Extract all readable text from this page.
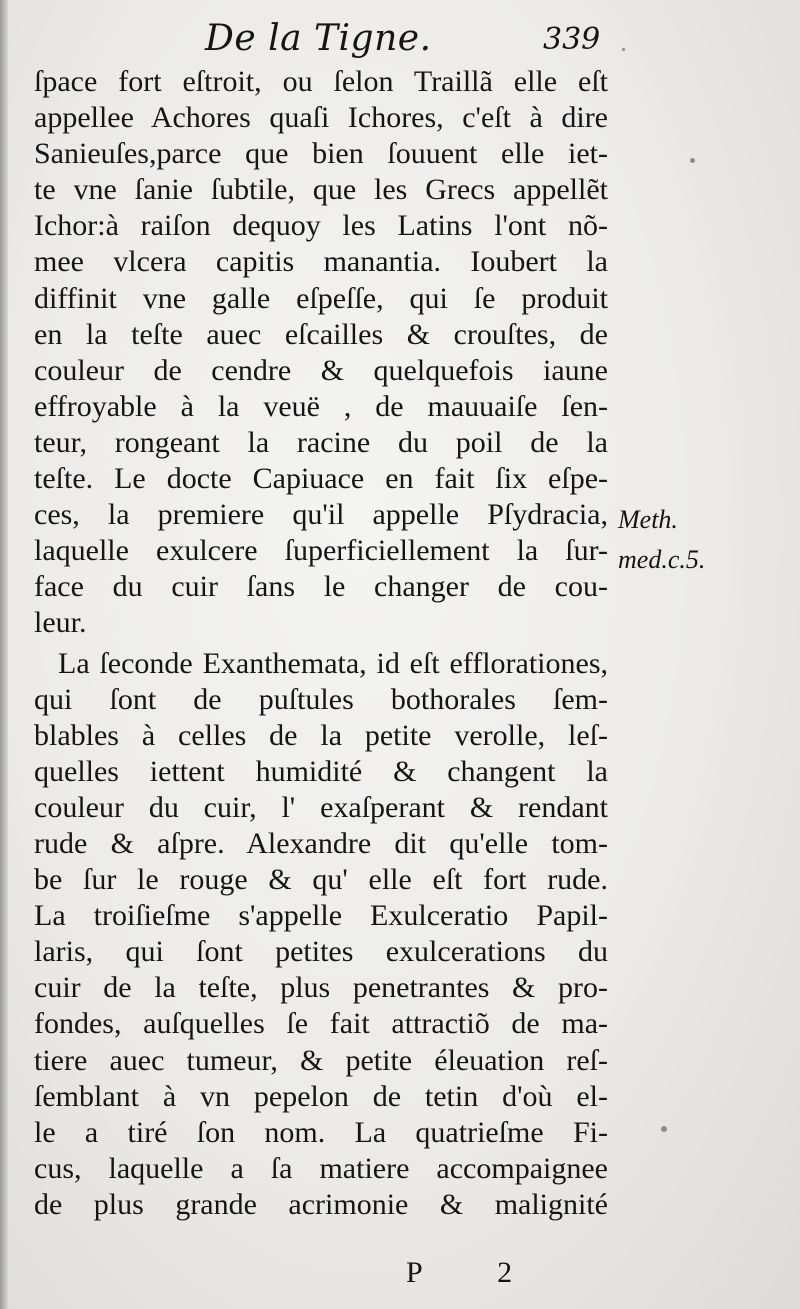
De la Tigne.	339
ſpace fort eſtroit, ou ſelon Traillã elle eſt
appellee Achores quaſi Ichores, c'eſt à dire
Sanieuſes,parce que bien ſouuent elle iet-
te vne ſanie ſubtile, que les Grecs appellẽt
Ichor:à raiſon dequoy les Latins l'ont nõ-
mee vlcera capitis manantia. Ioubert la
diffinit vne galle eſpeſſe, qui ſe produit
en la teſte auec eſcailles & crouſtes, de
couleur de cendre & quelquefois iaune
effroyable à la veuë , de mauuaiſe ſen-
teur, rongeant la racine du poil de la
teſte. Le docte Capiuace en fait ſix eſpe-
ces, la premiere qu'il appelle Pſydracia,
laquelle exulcere ſuperficiellement la ſur-
face du cuir ſans le changer de cou-
leur.
La ſeconde Exanthemata, id eſt efflorationes,
qui ſont de puſtules bothorales ſem-
blables à celles de la petite verolle, leſ-
quelles iettent humidité & changent la
couleur du cuir, l' exaſperant & rendant
rude & aſpre. Alexandre dit qu'elle tom-
be ſur le rouge & qu' elle eſt fort rude.
La troiſieſme s'appelle Exulceratio Papil-
laris, qui ſont petites exulcerations du
cuir de la teſte, plus penetrantes & pro-
fondes, auſquelles ſe fait attractiõ de ma-
tiere auec tumeur, & petite éleuation reſ-
ſemblant à vn pepelon de tetin d'où el-
le a tiré ſon nom. La quatrieſme Fi-
cus, laquelle a ſa matiere accompaignee
de plus grande acrimonie & malignité
Meth.
med.c.5.
P 2
